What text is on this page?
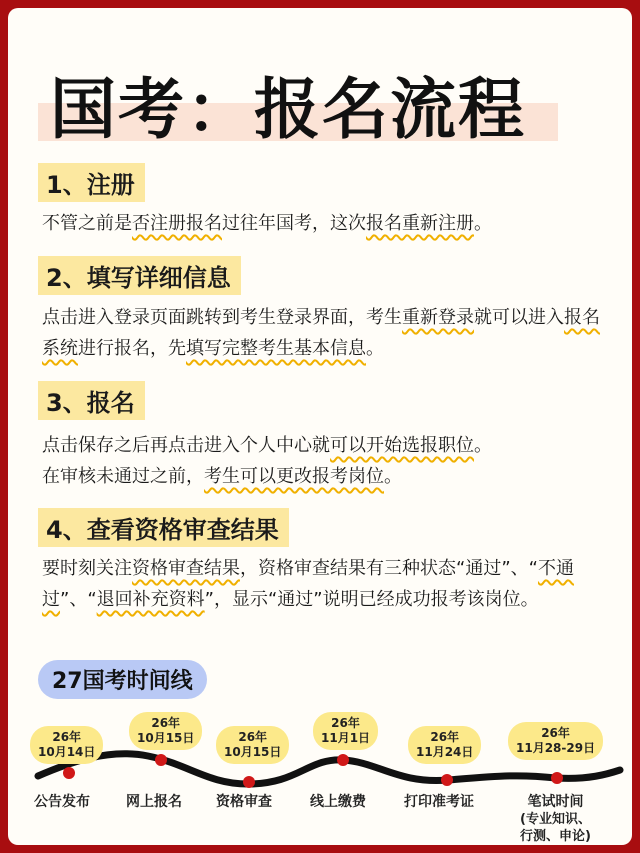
国考：报名流程
1、注册
不管之前是否注册报名过往年国考，这次报名重新注册。
2、填写详细信息
点击进入登录页面跳转到考生登录界面，考生重新登录就可以进入报名系统进行报名，先填写完整考生基本信息。
3、报名
点击保存之后再点击进入个人中心就可以开始选报职位。
在审核未通过之前，考生可以更改报考岗位。
4、查看资格审查结果
要时刻关注资格审查结果，资格审查结果有三种状态“通过”、“不通过”、“退回补充资料”，显示“通过”说明已经成功报考该岗位。
27国考时间线
26年
10月14日
26年
10月15日	26年
10月15日
26年
11月1日	26年
11月24日
26年
11月28-29日
公告发布	网上报名 资格审查	线上缴费	打印准考证	笔试时间
(专业知识、
行测、申论)
